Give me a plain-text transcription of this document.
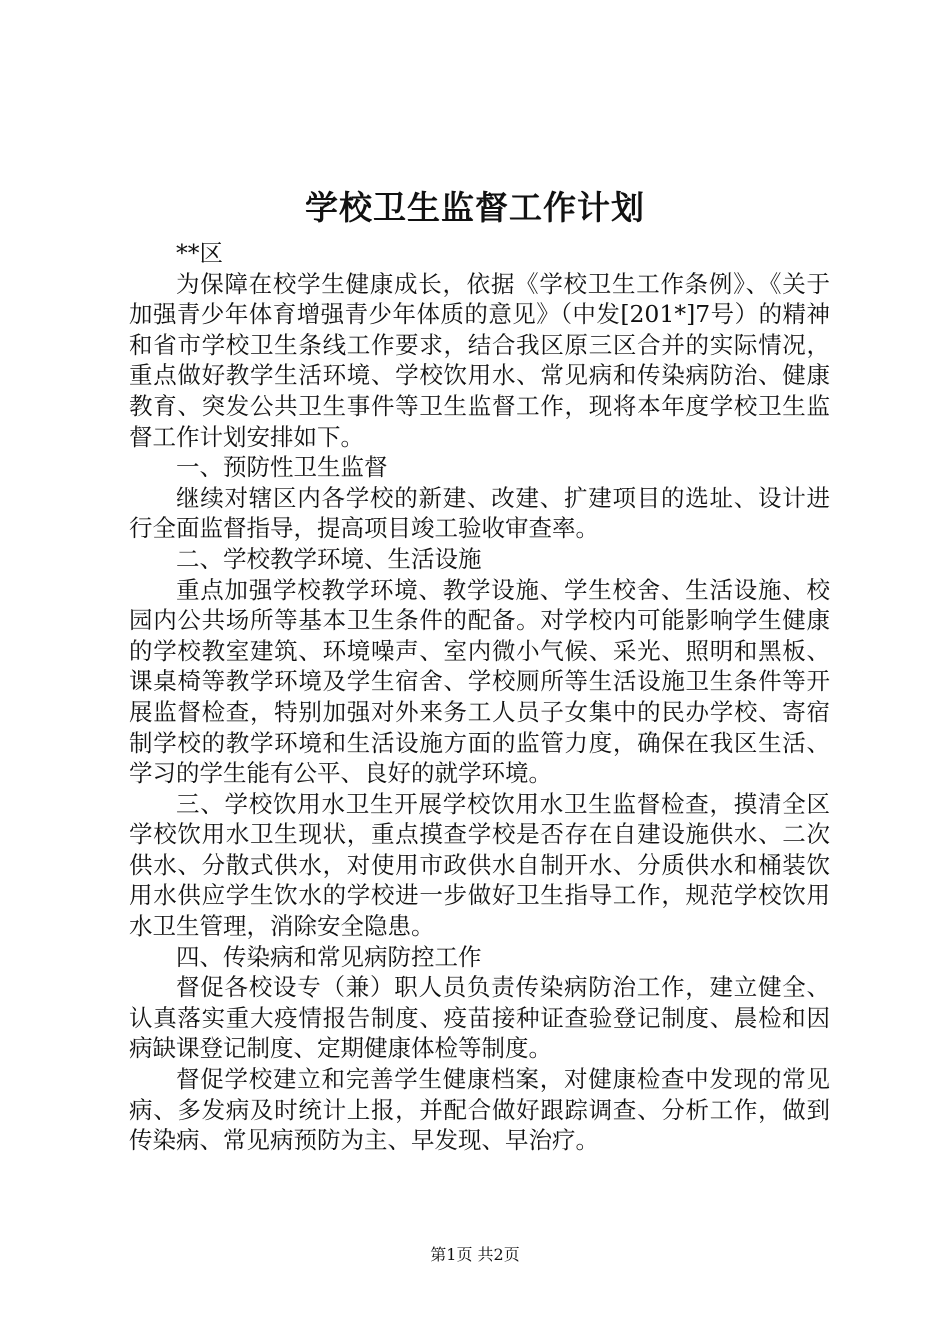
学校卫生监督工作计划

**区

为保障在校学生健康成长，依据《学校卫生工作条例》、《关于加强青少年体育增强青少年体质的意见》（中发[201*]7号）的精神和省市学校卫生条线工作要求，结合我区原三区合并的实际情况，重点做好教学生活环境、学校饮用水、常见病和传染病防治、健康教育、突发公共卫生事件等卫生监督工作，现将本年度学校卫生监督工作计划安排如下。

一、预防性卫生监督

继续对辖区内各学校的新建、改建、扩建项目的选址、设计进行全面监督指导，提高项目竣工验收审查率。

二、学校教学环境、生活设施

重点加强学校教学环境、教学设施、学生校舍、生活设施、校园内公共场所等基本卫生条件的配备。对学校内可能影响学生健康的学校教室建筑、环境噪声、室内微小气候、采光、照明和黑板、课桌椅等教学环境及学生宿舍、学校厕所等生活设施卫生条件等开展监督检查，特别加强对外来务工人员子女集中的民办学校、寄宿制学校的教学环境和生活设施方面的监管力度，确保在我区生活、学习的学生能有公平、良好的就学环境。

三、学校饮用水卫生开展学校饮用水卫生监督检查，摸清全区学校饮用水卫生现状，重点摸查学校是否存在自建设施供水、二次供水、分散式供水，对使用市政供水自制开水、分质供水和桶装饮用水供应学生饮水的学校进一步做好卫生指导工作，规范学校饮用水卫生管理，消除安全隐患。

四、传染病和常见病防控工作

督促各校设专（兼）职人员负责传染病防治工作，建立健全、认真落实重大疫情报告制度、疫苗接种证查验登记制度、晨检和因病缺课登记制度、定期健康体检等制度。

督促学校建立和完善学生健康档案，对健康检查中发现的常见病、多发病及时统计上报，并配合做好跟踪调查、分析工作，做到传染病、常见病预防为主、早发现、早治疗。

第1页 共2页
